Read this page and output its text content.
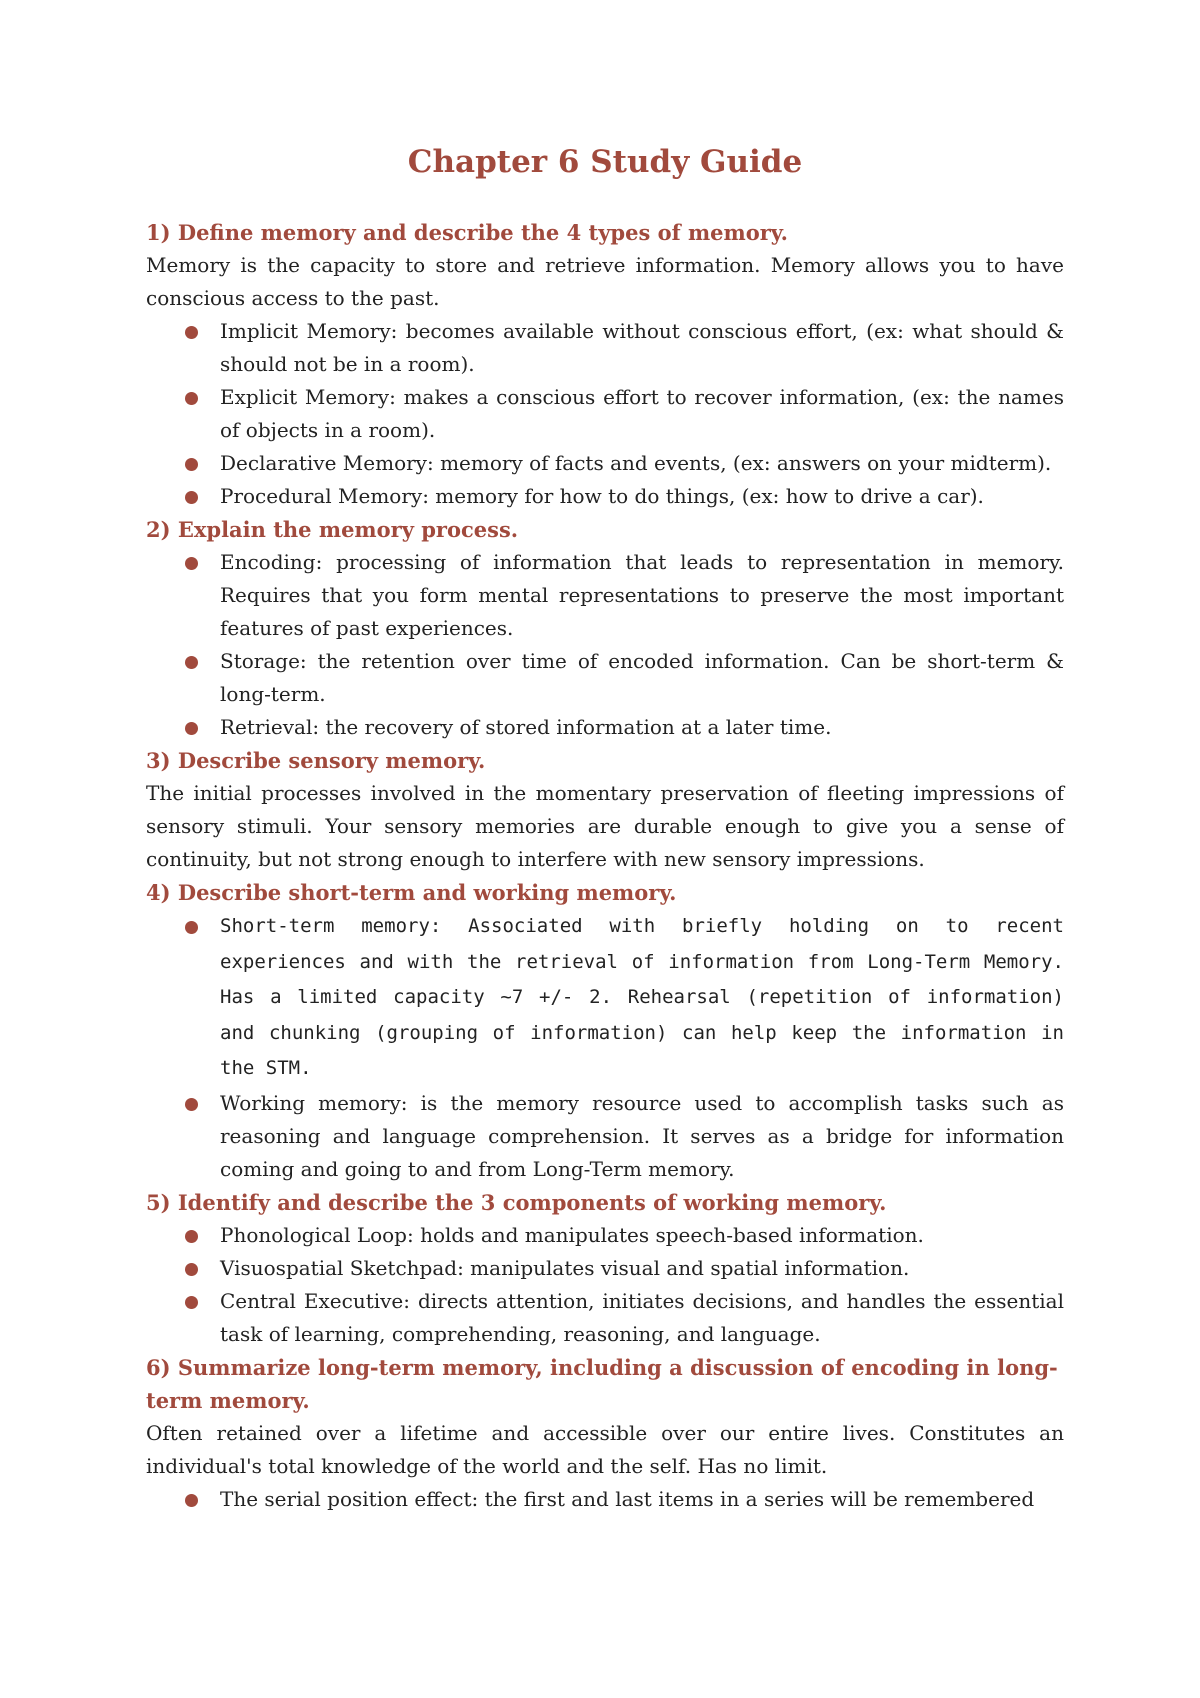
Chapter 6 Study Guide
1) Define memory and describe the 4 types of memory.

Memory is the capacity to store and retrieve information. Memory allows you to have conscious access to the past.

Implicit Memory: becomes available without conscious effort, (ex: what should & should not be in a room).
Explicit Memory: makes a conscious effort to recover information, (ex: the names of objects in a room).
Declarative Memory: memory of facts and events, (ex: answers on your midterm).
Procedural Memory: memory for how to do things, (ex: how to drive a car).
2) Explain the memory process.
Encoding: processing of information that leads to representation in memory. Requires that you form mental representations to preserve the most important features of past experiences.
Storage: the retention over time of encoded information. Can be short-term & long-term.
Retrieval: the recovery of stored information at a later time.
3) Describe sensory memory.

The initial processes involved in the momentary preservation of fleeting impressions of sensory stimuli. Your sensory memories are durable enough to give you a sense of continuity, but not strong enough to interfere with new sensory impressions.

4) Describe short-term and working memory.
Short-term memory: Associated with briefly holding on to recent experiences and with the retrieval of information from Long-Term Memory. Has a limited capacity ~7 +/- 2. Rehearsal (repetition of information) and chunking (grouping of information) can help keep the information in the STM.
Working memory: is the memory resource used to accomplish tasks such as reasoning and language comprehension. It serves as a bridge for information coming and going to and from Long-Term memory.
5) Identify and describe the 3 components of working memory.
Phonological Loop: holds and manipulates speech-based information.
Visuospatial Sketchpad: manipulates visual and spatial information.
Central Executive: directs attention, initiates decisions, and handles the essential task of learning, comprehending, reasoning, and language.
6) Summarize long-term memory, including a discussion of encoding in long-term memory.

Often retained over a lifetime and accessible over our entire lives. Constitutes an individual's total knowledge of the world and the self. Has no limit.

The serial position effect: the first and last items in a series will be remembered
